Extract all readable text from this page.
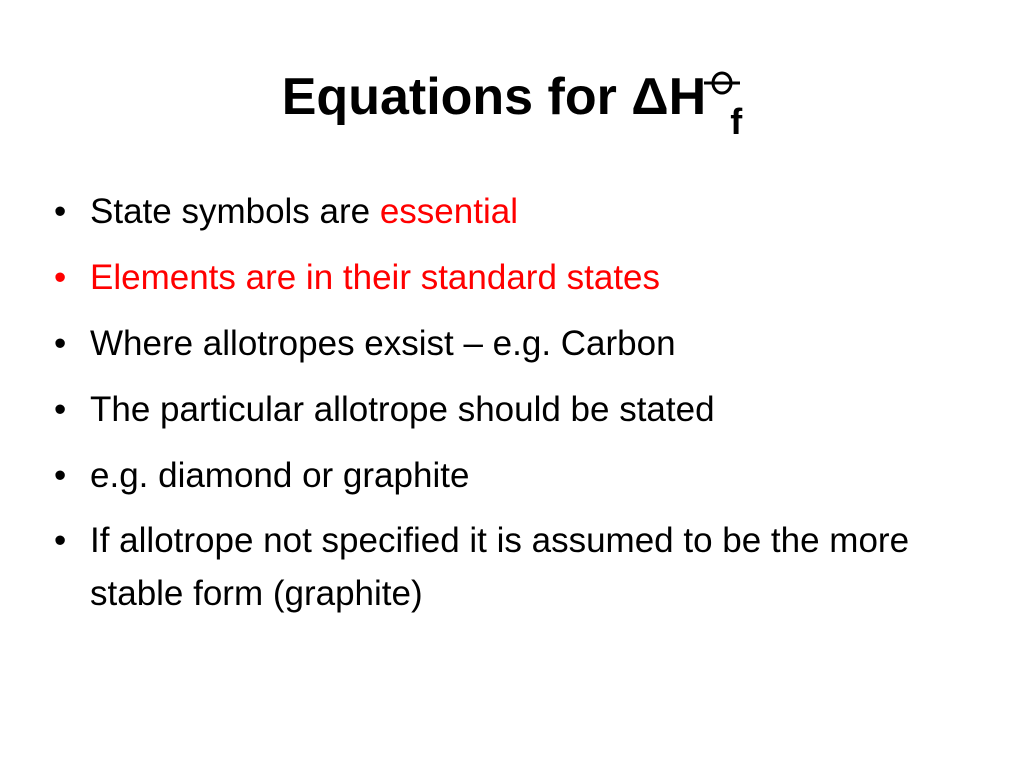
Equations for ΔH f
• State symbols are essential
• Elements are in their standard states
• Where allotropes exsist – e.g. Carbon
• The particular allotrope should be stated
• e.g. diamond or graphite
• If allotrope not specified it is assumed to be the more stable form (graphite)
